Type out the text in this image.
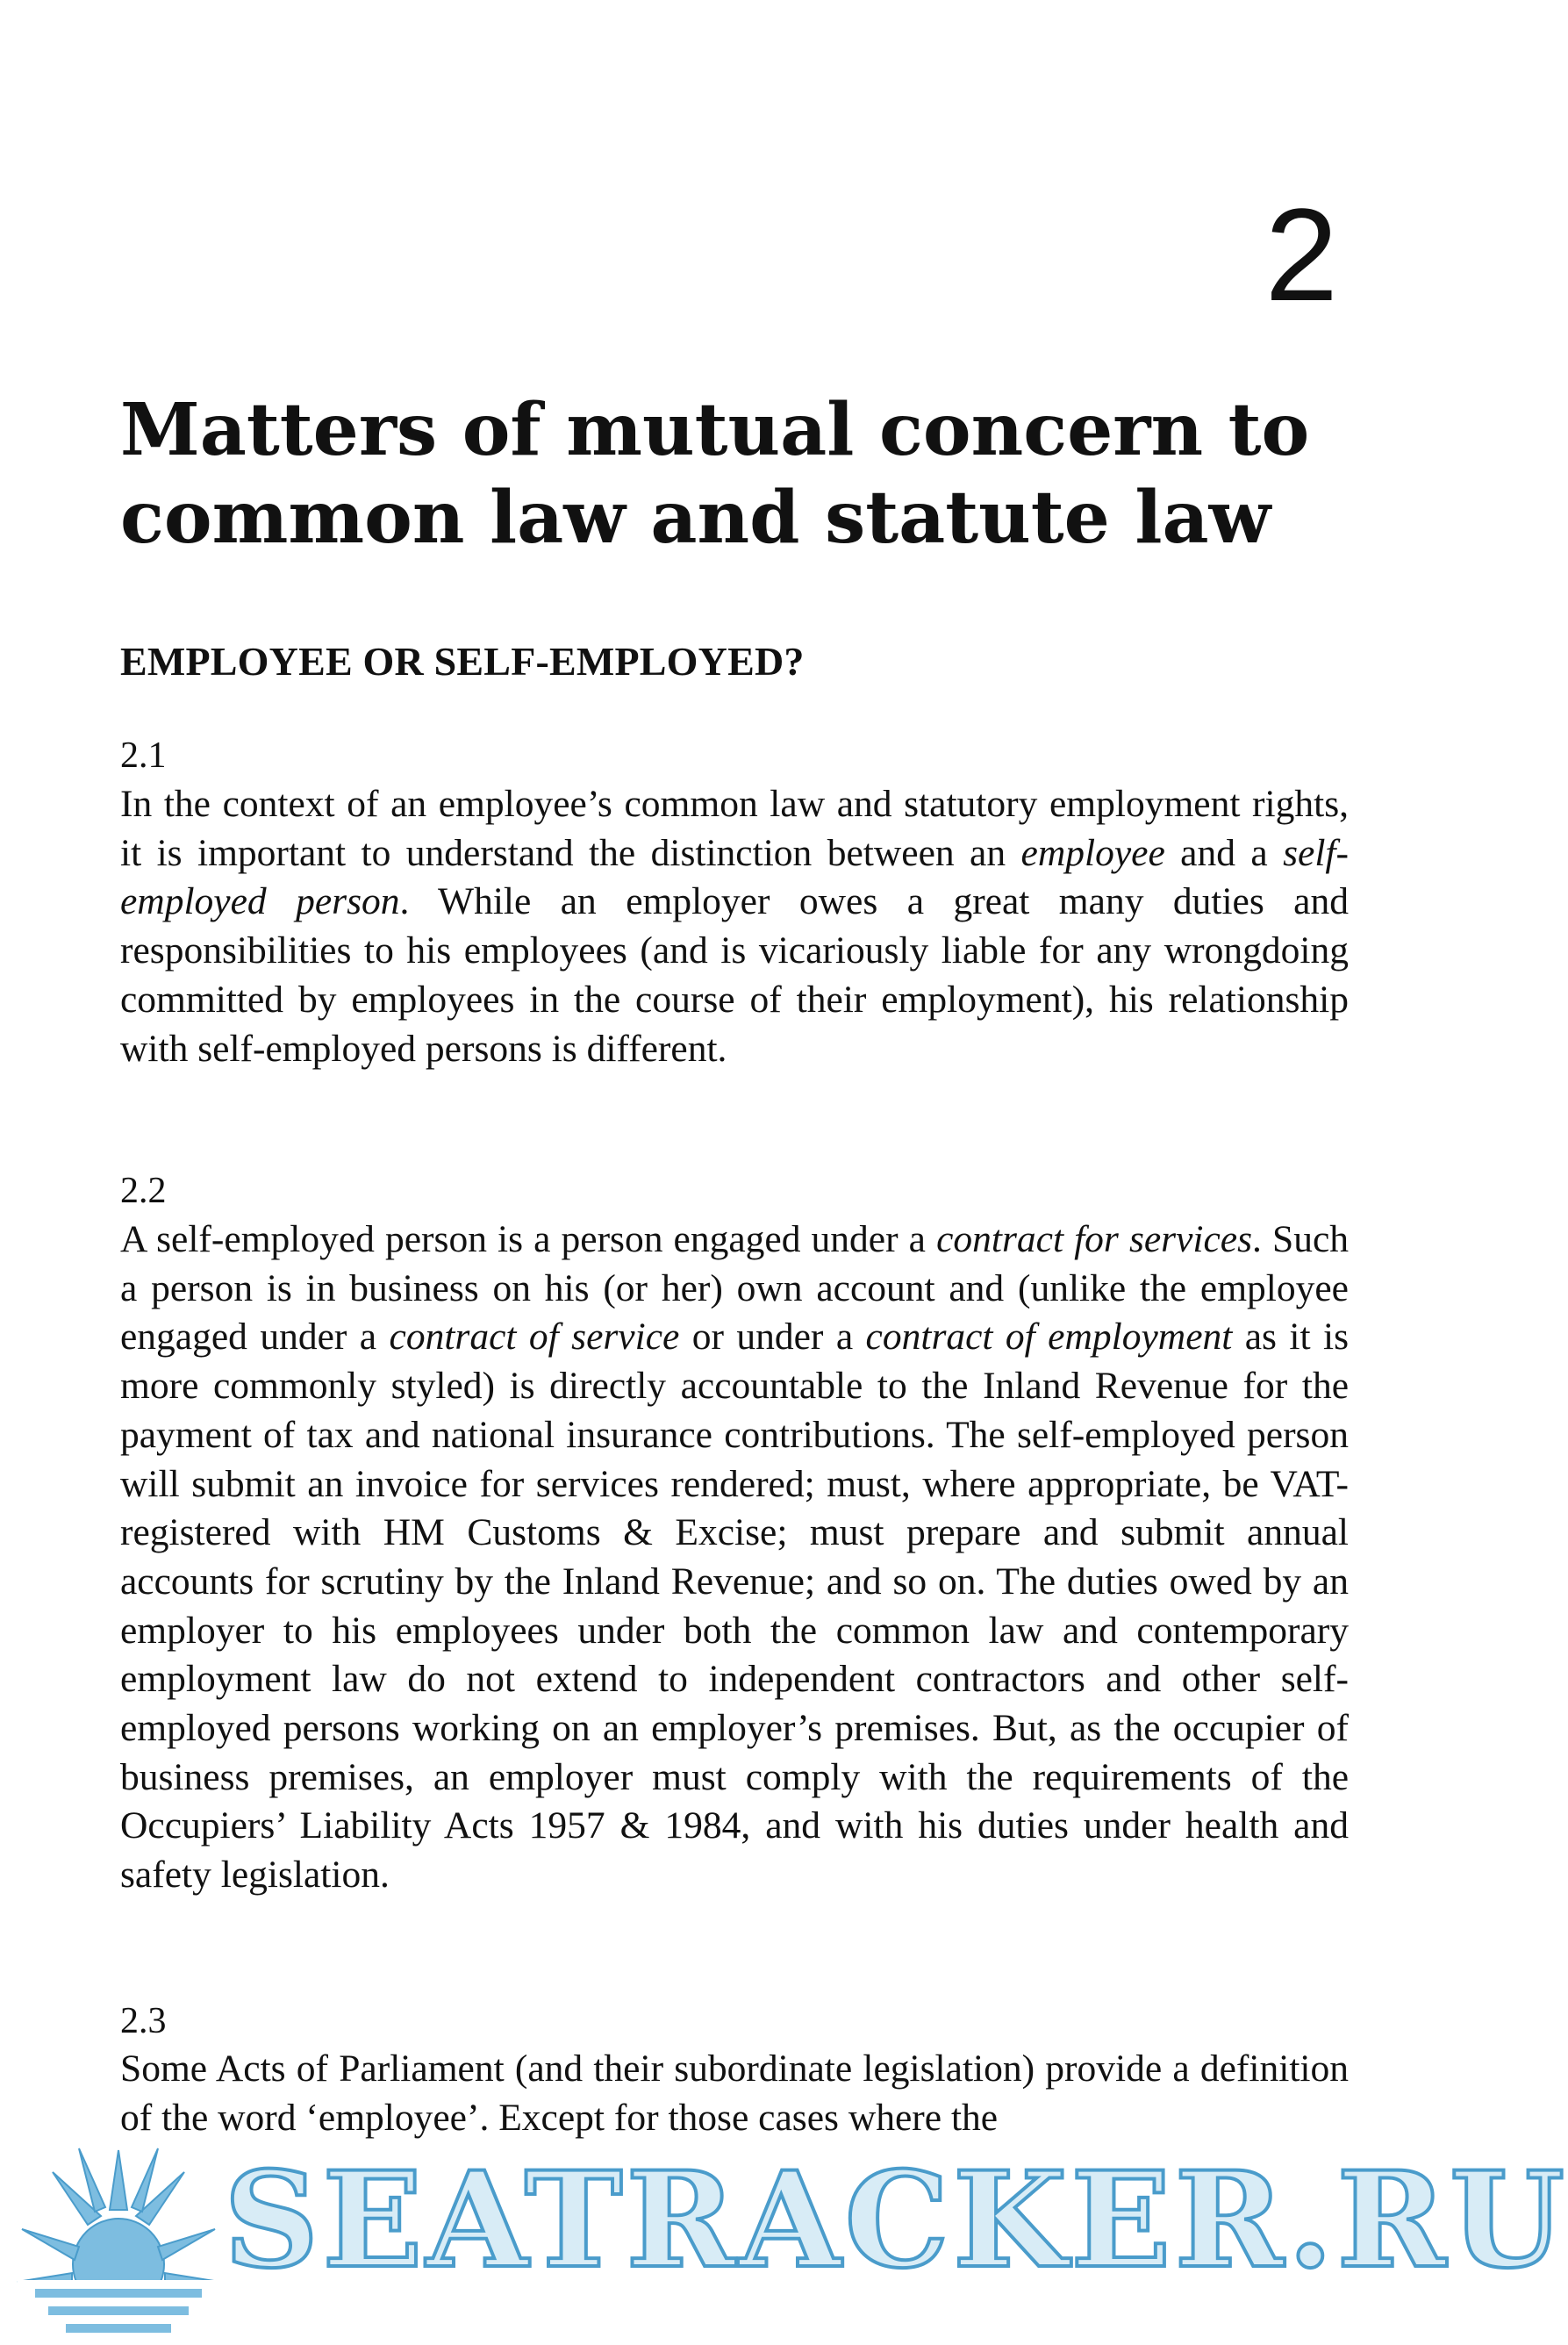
2
Matters of mutual concern to
common law and statute law
EMPLOYEE OR SELF-EMPLOYED?
2.1

In the context of an employee’s common law and statutory employment rights, it is important to understand the distinction between an employee and a self-employed person. While an employer owes a great many duties and responsibilities to his employees (and is vicariously liable for any wrongdoing committed by employees in the course of their employment), his relationship with self-employed persons is different.

2.2

A self-employed person is a person engaged under a contract for services. Such a person is in business on his (or her) own account and (unlike the employee engaged under a contract of service or under a contract of employment as it is more commonly styled) is directly accountable to the Inland Revenue for the payment of tax and national insurance contributions. The self-employed person will submit an invoice for services rendered; must, where appropriate, be VAT-registered with HM Customs & Excise; must prepare and submit annual accounts for scrutiny by the Inland Revenue; and so on. The duties owed by an employer to his employees under both the common law and contemporary employment law do not extend to independent contractors and other self-employed persons working on an employer’s premises. But, as the occupier of business premises, an employer must comply with the requirements of the Occupiers’ Liability Acts 1957 & 1984, and with his duties under health and safety legislation.

2.3

Some Acts of Parliament (and their subordinate legislation) provide a definition of the word ‘employee’. Except for those cases where the

SEATRACKER.RU
